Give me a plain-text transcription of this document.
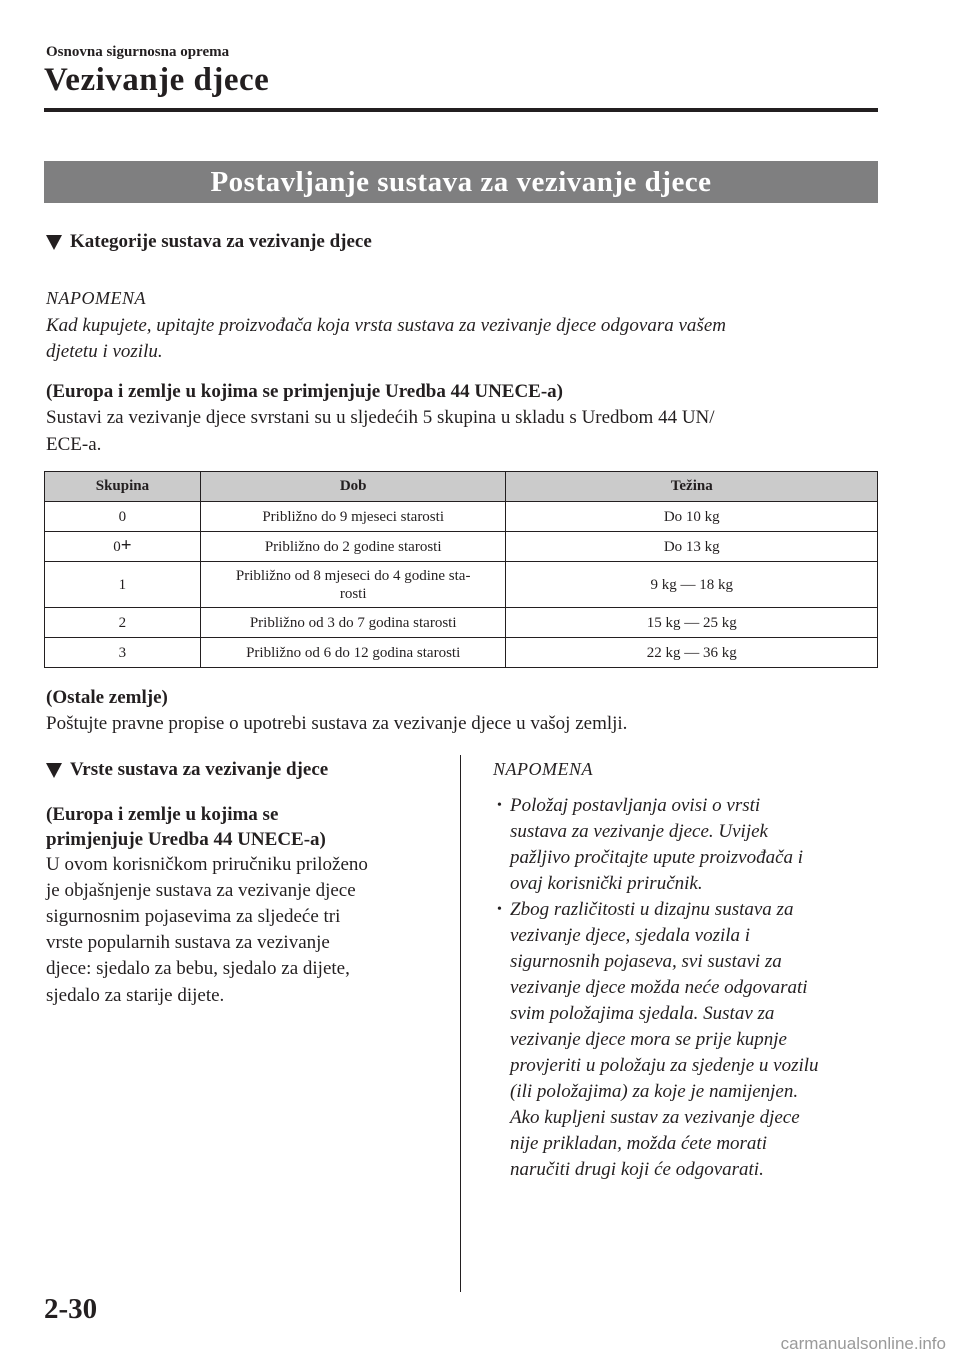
Osnovna sigurnosna oprema
Vezivanje djece
Postavljanje sustava za vezivanje djece
Kategorije sustava za vezivanje djece
NAPOMENA
Kad kupujete, upitajte proizvođača koja vrsta sustava za vezivanje djece odgovara vašem
djetetu i vozilu.
(Europa i zemlje u kojima se primjenjuje Uredba 44 UNECE-a)
Sustavi za vezivanje djece svrstani su u sljedećih 5 skupina u skladu s Uredbom 44 UN/
ECE-a.
Skupina	Dob	Težina
0	Približno do 9 mjeseci starosti	Do 10 kg
0+	Približno do 2 godine starosti	Do 13 kg
1	Približno od 8 mjeseci do 4 godine sta-
rosti	9 kg — 18 kg
2	Približno od 3 do 7 godina starosti	15 kg — 25 kg
3	Približno od 6 do 12 godina starosti	22 kg — 36 kg
(Ostale zemlje)
Poštujte pravne propise o upotrebi sustava za vezivanje djece u vašoj zemlji.
Vrste sustava za vezivanje djece
(Europa i zemlje u kojima se
primjenjuje Uredba 44 UNECE-a)
U ovom korisničkom priručniku priloženo
je objašnjenje sustava za vezivanje djece
sigurnosnim pojasevima za sljedeće tri
vrste popularnih sustava za vezivanje
djece: sjedalo za bebu, sjedalo za dijete,
sjedalo za starije dijete.
NAPOMENA
• Položaj postavljanja ovisi o vrsti
sustava za vezivanje djece. Uvijek
pažljivo pročitajte upute proizvođača i
ovaj korisnički priručnik.
• Zbog različitosti u dizajnu sustava za
vezivanje djece, sjedala vozila i
sigurnosnih pojaseva, svi sustavi za
vezivanje djece možda neće odgovarati
svim položajima sjedala. Sustav za
vezivanje djece mora se prije kupnje
provjeriti u položaju za sjedenje u vozilu
(ili položajima) za koje je namijenjen.
Ako kupljeni sustav za vezivanje djece
nije prikladan, možda ćete morati
naručiti drugi koji će odgovarati.
2-30
carmanualsonline.info
